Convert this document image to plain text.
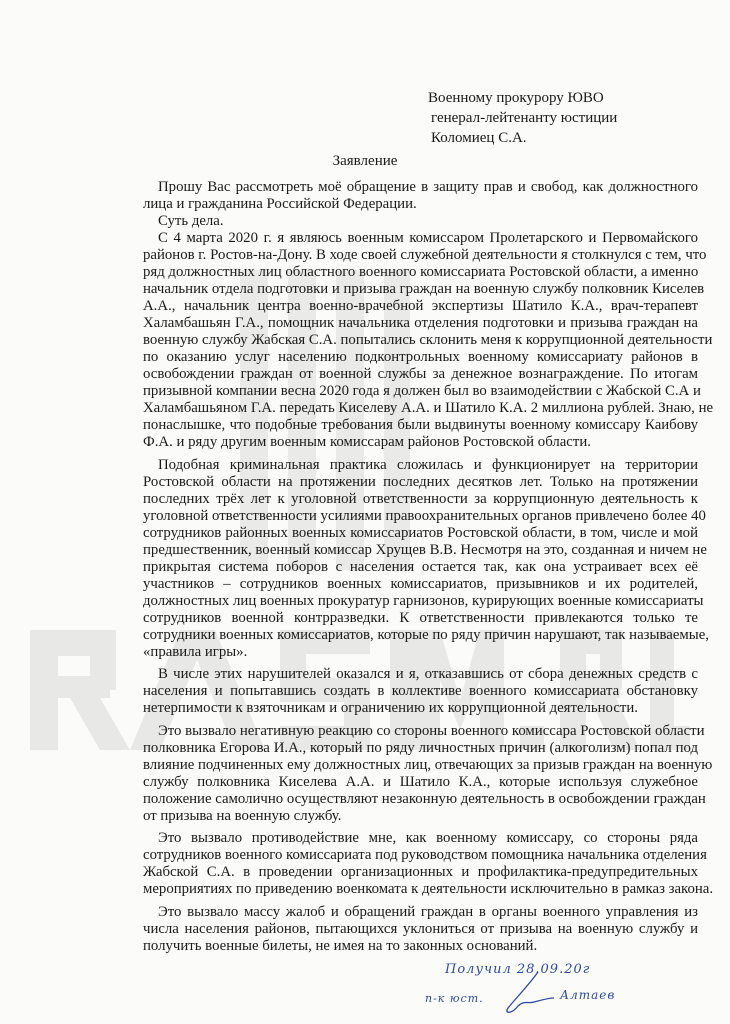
Военному прокурору ЮВО
генерал-лейтенанту юстиции
Коломиец С.А.
Заявление
Прошу Вас рассмотреть моё обращение в защиту прав и свобод, как должностного
лица и гражданина Российской Федерации.
Суть дела.
С 4 марта 2020 г. я являюсь военным комиссаром Пролетарского и Первомайского
районов г. Ростов-на-Дону. В ходе своей служебной деятельности я столкнулся с тем, что
ряд должностных лиц областного военного комиссариата Ростовской области, а именно
начальник отдела подготовки и призыва граждан на военную службу полковник Киселев
А.А., начальник центра военно-врачебной экспертизы Шатило К.А., врач-терапевт
Халамбашьян Г.А., помощник начальника отделения подготовки и призыва граждан на
военную службу Жабская С.А. попытались склонить меня к коррупционной деятельности
по оказанию услуг населению подконтрольных военному комиссариату районов в
освобождении граждан от военной службы за денежное вознаграждение. По итогам
призывной компании весна 2020 года я должен был во взаимодействии с Жабской С.А и
Халамбашьяном Г.А. передать Киселеву А.А. и Шатило К.А. 2 миллиона рублей. Знаю, не
понаслышке, что подобные требования были выдвинуты военному комиссару Каибову
Ф.А. и ряду другим военным комиссарам районов Ростовской области.
Подобная криминальная практика сложилась и функционирует на территории
Ростовской области на протяжении последних десятков лет. Только на протяжении
последних трёх лет к уголовной ответственности за коррупционную деятельность к
уголовной ответственности усилиями правоохранительных органов привлечено более 40
сотрудников районных военных комиссариатов Ростовской области, в том, числе и мой
предшественник, военный комиссар Хрущев В.В. Несмотря на это, созданная и ничем не
прикрытая система поборов с населения остается так, как она устраивает всех её
участников – сотрудников военных комиссариатов, призывников и их родителей,
должностных лиц военных прокуратур гарнизонов, курирующих военные комиссариаты
сотрудников военной контрразведки. К ответственности привлекаются только те
сотрудники военных комиссариатов, которые по ряду причин нарушают, так называемые,
«правила игры».
В числе этих нарушителей оказался и я, отказавшись от сбора денежных средств с
населения и попытавшись создать в коллективе военного комиссариата обстановку
нетерпимости к взяточникам и ограничению их коррупционной деятельности.
Это вызвало негативную реакцию со стороны военного комиссара Ростовской области
полковника Егорова И.А., который по ряду личностных причин (алкоголизм) попал под
влияние подчиненных ему должностных лиц, отвечающих за призыв граждан на военную
службу полковника Киселева А.А. и Шатило К.А., которые используя служебное
положение самолично осуществляют незаконную деятельность в освобождении граждан
от призыва на военную службу.
Это вызвало противодействие мне, как военному комиссару, со стороны ряда
сотрудников военного комиссариата под руководством помощника начальника отделения
Жабской С.А. в проведении организационных и профилактика-предупредительных
мероприятиях по приведению военкомата к деятельности исключительно в рамказ закона.
Это вызвало массу жалоб и обращений граждан в органы военного управления из
числа населения районов, пытающихся уклониться от призыва на военную службу и
получить военные билеты, не имея на то законных оснований.
Получил 28.09.20г
п-к юст.	Алтаев
